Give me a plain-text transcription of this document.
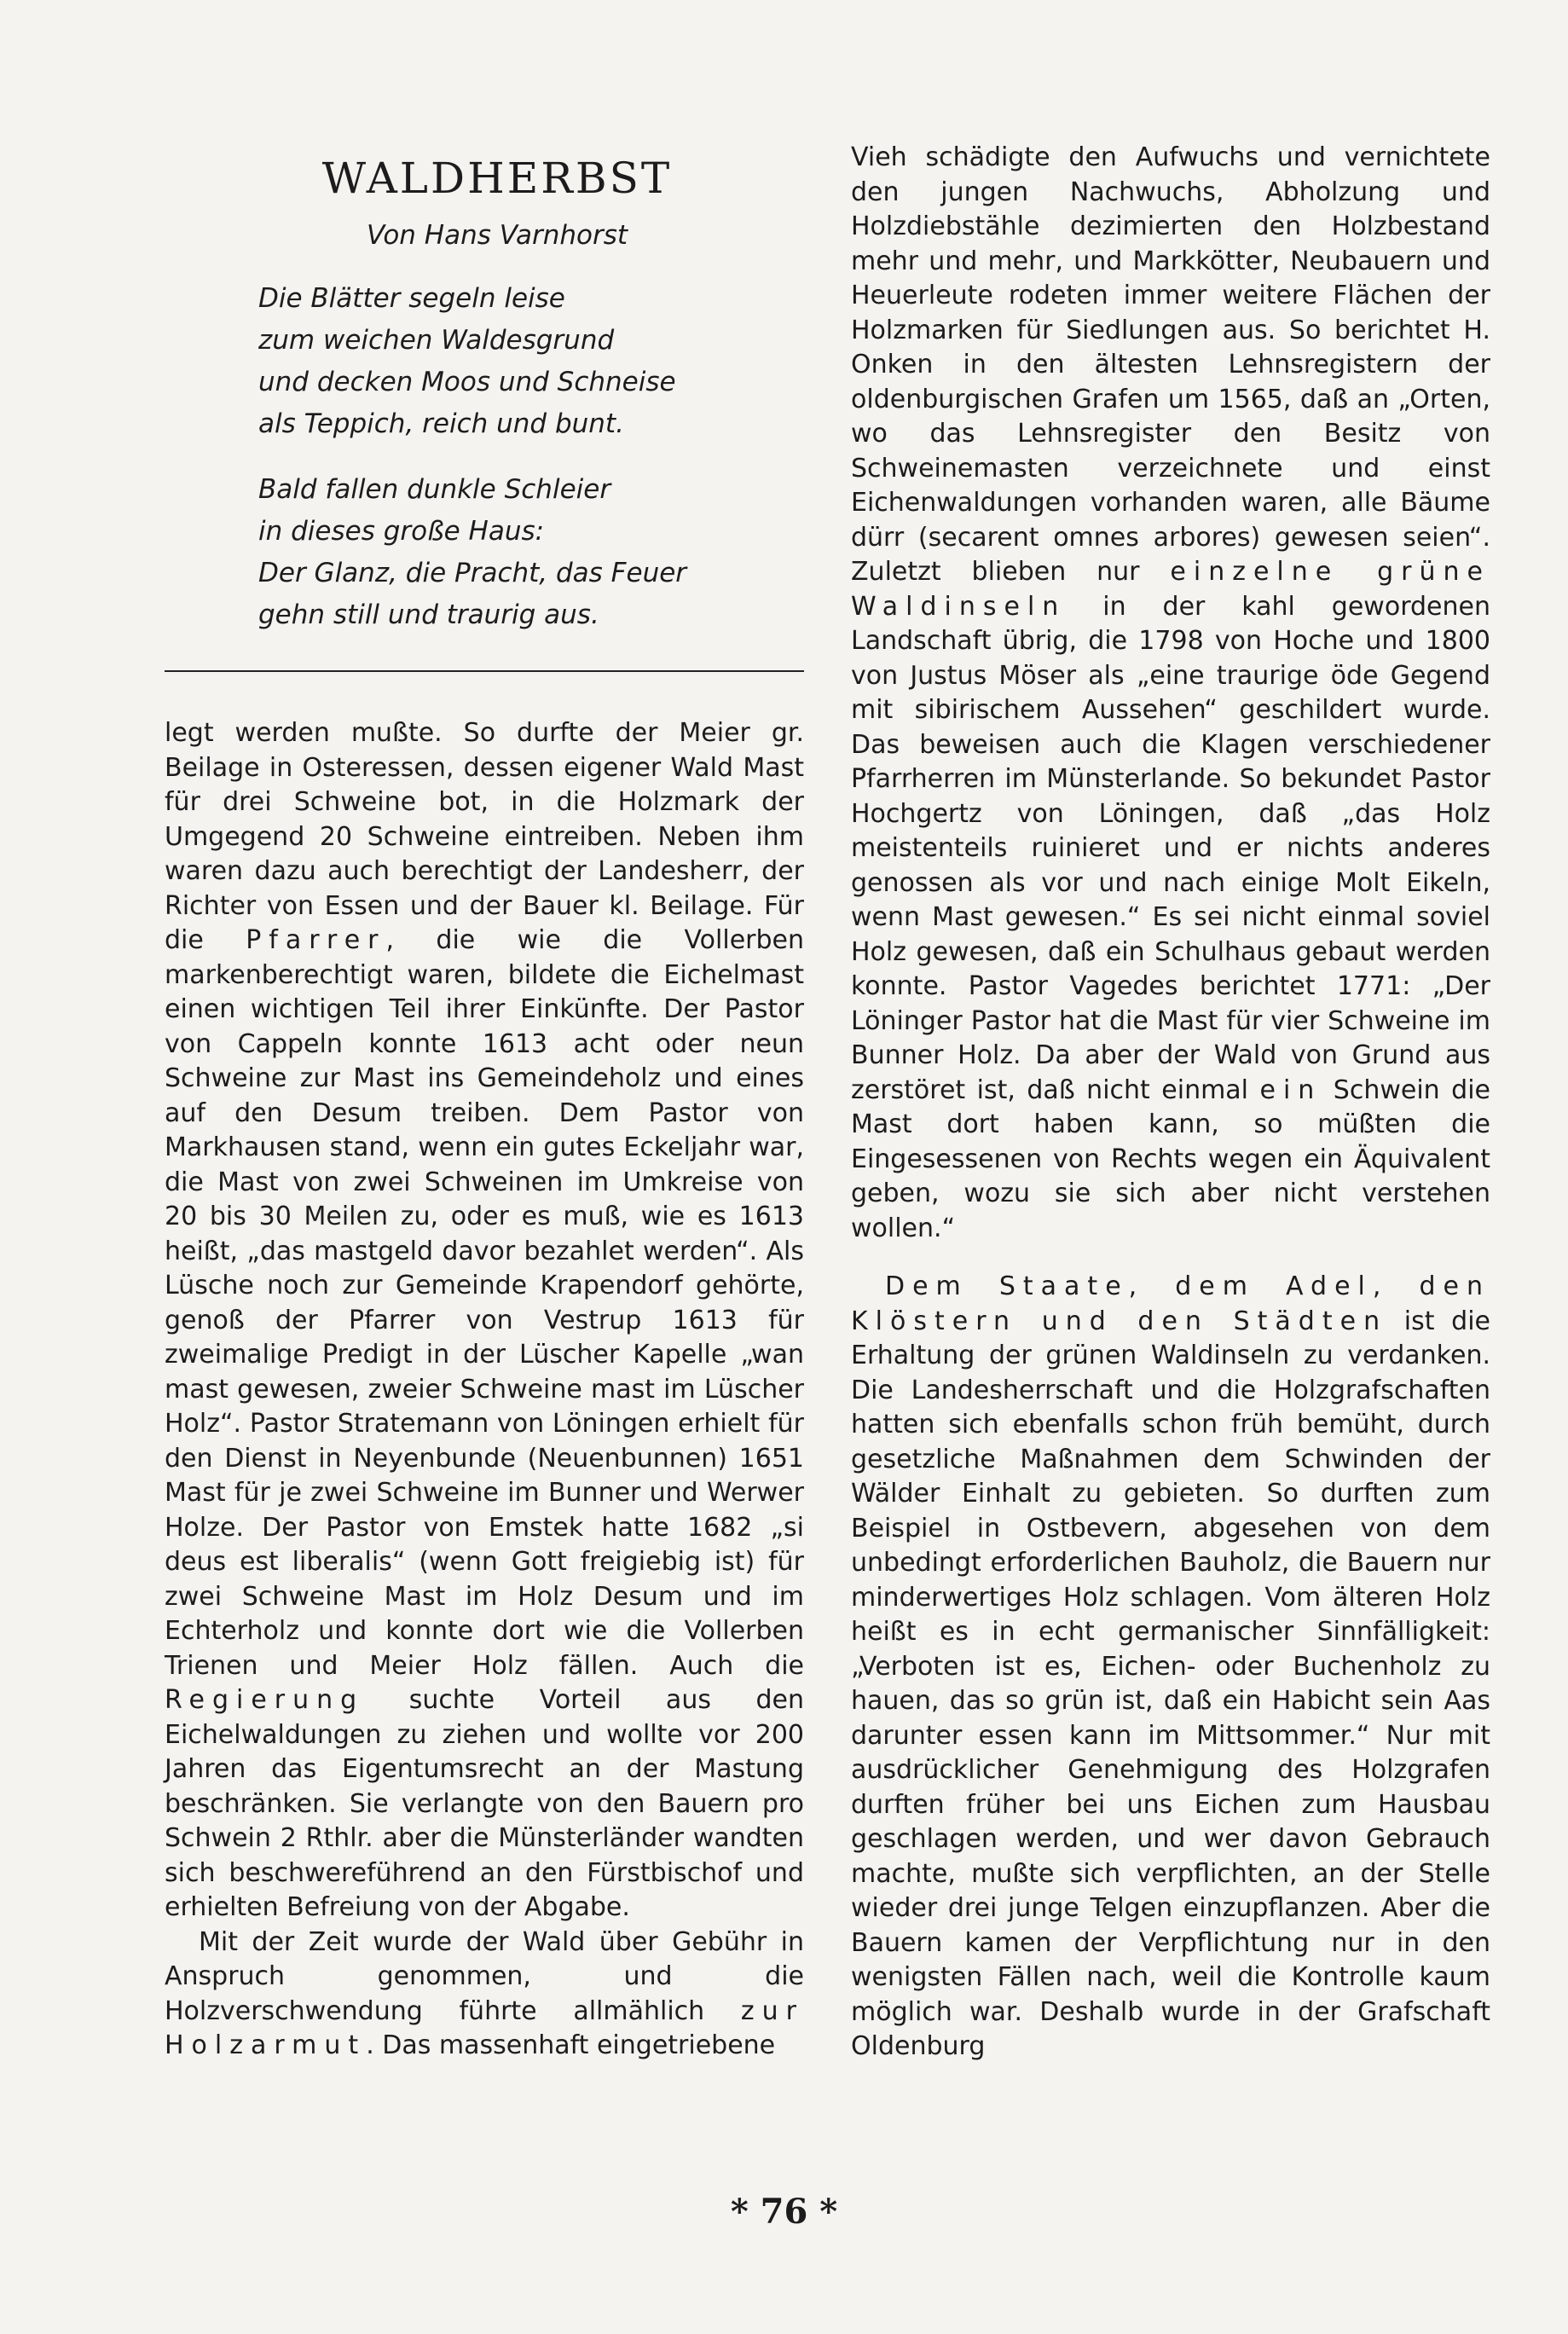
WALDHERBST
Von Hans Varnhorst
Die Blätter segeln leise
zum weichen Waldesgrund
und decken Moos und Schneise
als Teppich, reich und bunt.
Bald fallen dunkle Schleier
in dieses große Haus:
Der Glanz, die Pracht, das Feuer
gehn still und traurig aus.

legt werden mußte. So durfte der Meier gr. Beilage in Osteressen, dessen eigener Wald Mast für drei Schweine bot, in die Holzmark der Umgegend 20 Schweine eintreiben. Neben ihm waren dazu auch berechtigt der Landesherr, der Richter von Essen und der Bauer kl. Beilage. Für die Pfarrer, die wie die Vollerben markenberechtigt waren, bildete die Eichelmast einen wichtigen Teil ihrer Einkünfte. Der Pastor von Cappeln konnte 1613 acht oder neun Schweine zur Mast ins Gemeindeholz und eines auf den Desum treiben. Dem Pastor von Markhausen stand, wenn ein gutes Eckeljahr war, die Mast von zwei Schweinen im Umkreise von 20 bis 30 Meilen zu, oder es muß, wie es 1613 heißt, „das mastgeld davor bezahlet werden“. Als Lüsche noch zur Gemeinde Krapendorf gehörte, genoß der Pfarrer von Vestrup 1613 für zweimalige Predigt in der Lüscher Kapelle „wan mast gewesen, zweier Schweine mast im Lüscher Holz“. Pastor Stratemann von Löningen erhielt für den Dienst in Neyenbunde (Neuenbunnen) 1651 Mast für je zwei Schweine im Bunner und Werwer Holze. Der Pastor von Emstek hatte 1682 „si deus est liberalis“ (wenn Gott freigiebig ist) für zwei Schweine Mast im Holz Desum und im Echterholz und konnte dort wie die Vollerben Trienen und Meier Holz fällen. Auch die Regierung suchte Vorteil aus den Eichelwaldungen zu ziehen und wollte vor 200 Jahren das Eigentumsrecht an der Mastung beschränken. Sie verlangte von den Bauern pro Schwein 2 Rthlr. aber die Münsterländer wandten sich beschwereführend an den Fürstbischof und erhielten Befreiung von der Abgabe.

Mit der Zeit wurde der Wald über Gebühr in Anspruch genommen, und die Holzverschwendung führte allmählich zur Holzarmut. Das massenhaft eingetriebene

Vieh schädigte den Aufwuchs und vernichtete den jungen Nachwuchs, Abholzung und Holzdiebstähle dezimierten den Holzbestand mehr und mehr, und Markkötter, Neubauern und Heuerleute rodeten immer weitere Flächen der Holzmarken für Siedlungen aus. So berichtet H. Onken in den ältesten Lehnsregistern der oldenburgischen Grafen um 1565, daß an „Orten, wo das Lehnsregister den Besitz von Schweinemasten verzeichnete und einst Eichenwaldungen vorhanden waren, alle Bäume dürr (secarent omnes arbores) gewesen seien“. Zuletzt blieben nur einzelne grüne Waldinseln in der kahl gewordenen Landschaft übrig, die 1798 von Hoche und 1800 von Justus Möser als „eine traurige öde Gegend mit sibirischem Aussehen“ geschildert wurde. Das beweisen auch die Klagen verschiedener Pfarrherren im Münsterlande. So bekundet Pastor Hochgertz von Löningen, daß „das Holz meistenteils ruinieret und er nichts anderes genossen als vor und nach einige Molt Eikeln, wenn Mast gewesen.“ Es sei nicht einmal soviel Holz gewesen, daß ein Schulhaus gebaut werden konnte. Pastor Vagedes berichtet 1771: „Der Löninger Pastor hat die Mast für vier Schweine im Bunner Holz. Da aber der Wald von Grund aus zerstöret ist, daß nicht einmal ein Schwein die Mast dort haben kann, so müßten die Eingesessenen von Rechts wegen ein Äquivalent geben, wozu sie sich aber nicht verstehen wollen.“

Dem Staate, dem Adel, den Klöstern und den Städten ist die Erhaltung der grünen Waldinseln zu verdanken. Die Landesherrschaft und die Holzgrafschaften hatten sich ebenfalls schon früh bemüht, durch gesetzliche Maßnahmen dem Schwinden der Wälder Einhalt zu gebieten. So durften zum Beispiel in Ostbevern, abgesehen von dem unbedingt erforderlichen Bauholz, die Bauern nur minderwertiges Holz schlagen. Vom älteren Holz heißt es in echt germanischer Sinnfälligkeit: „Verboten ist es, Eichen- oder Buchenholz zu hauen, das so grün ist, daß ein Habicht sein Aas darunter essen kann im Mittsommer.“ Nur mit ausdrücklicher Genehmigung des Holzgrafen durften früher bei uns Eichen zum Hausbau geschlagen werden, und wer davon Gebrauch machte, mußte sich verpflichten, an der Stelle wieder drei junge Telgen einzupflanzen. Aber die Bauern kamen der Verpflichtung nur in den wenigsten Fällen nach, weil die Kontrolle kaum möglich war. Deshalb wurde in der Grafschaft Oldenburg

* 76 *
